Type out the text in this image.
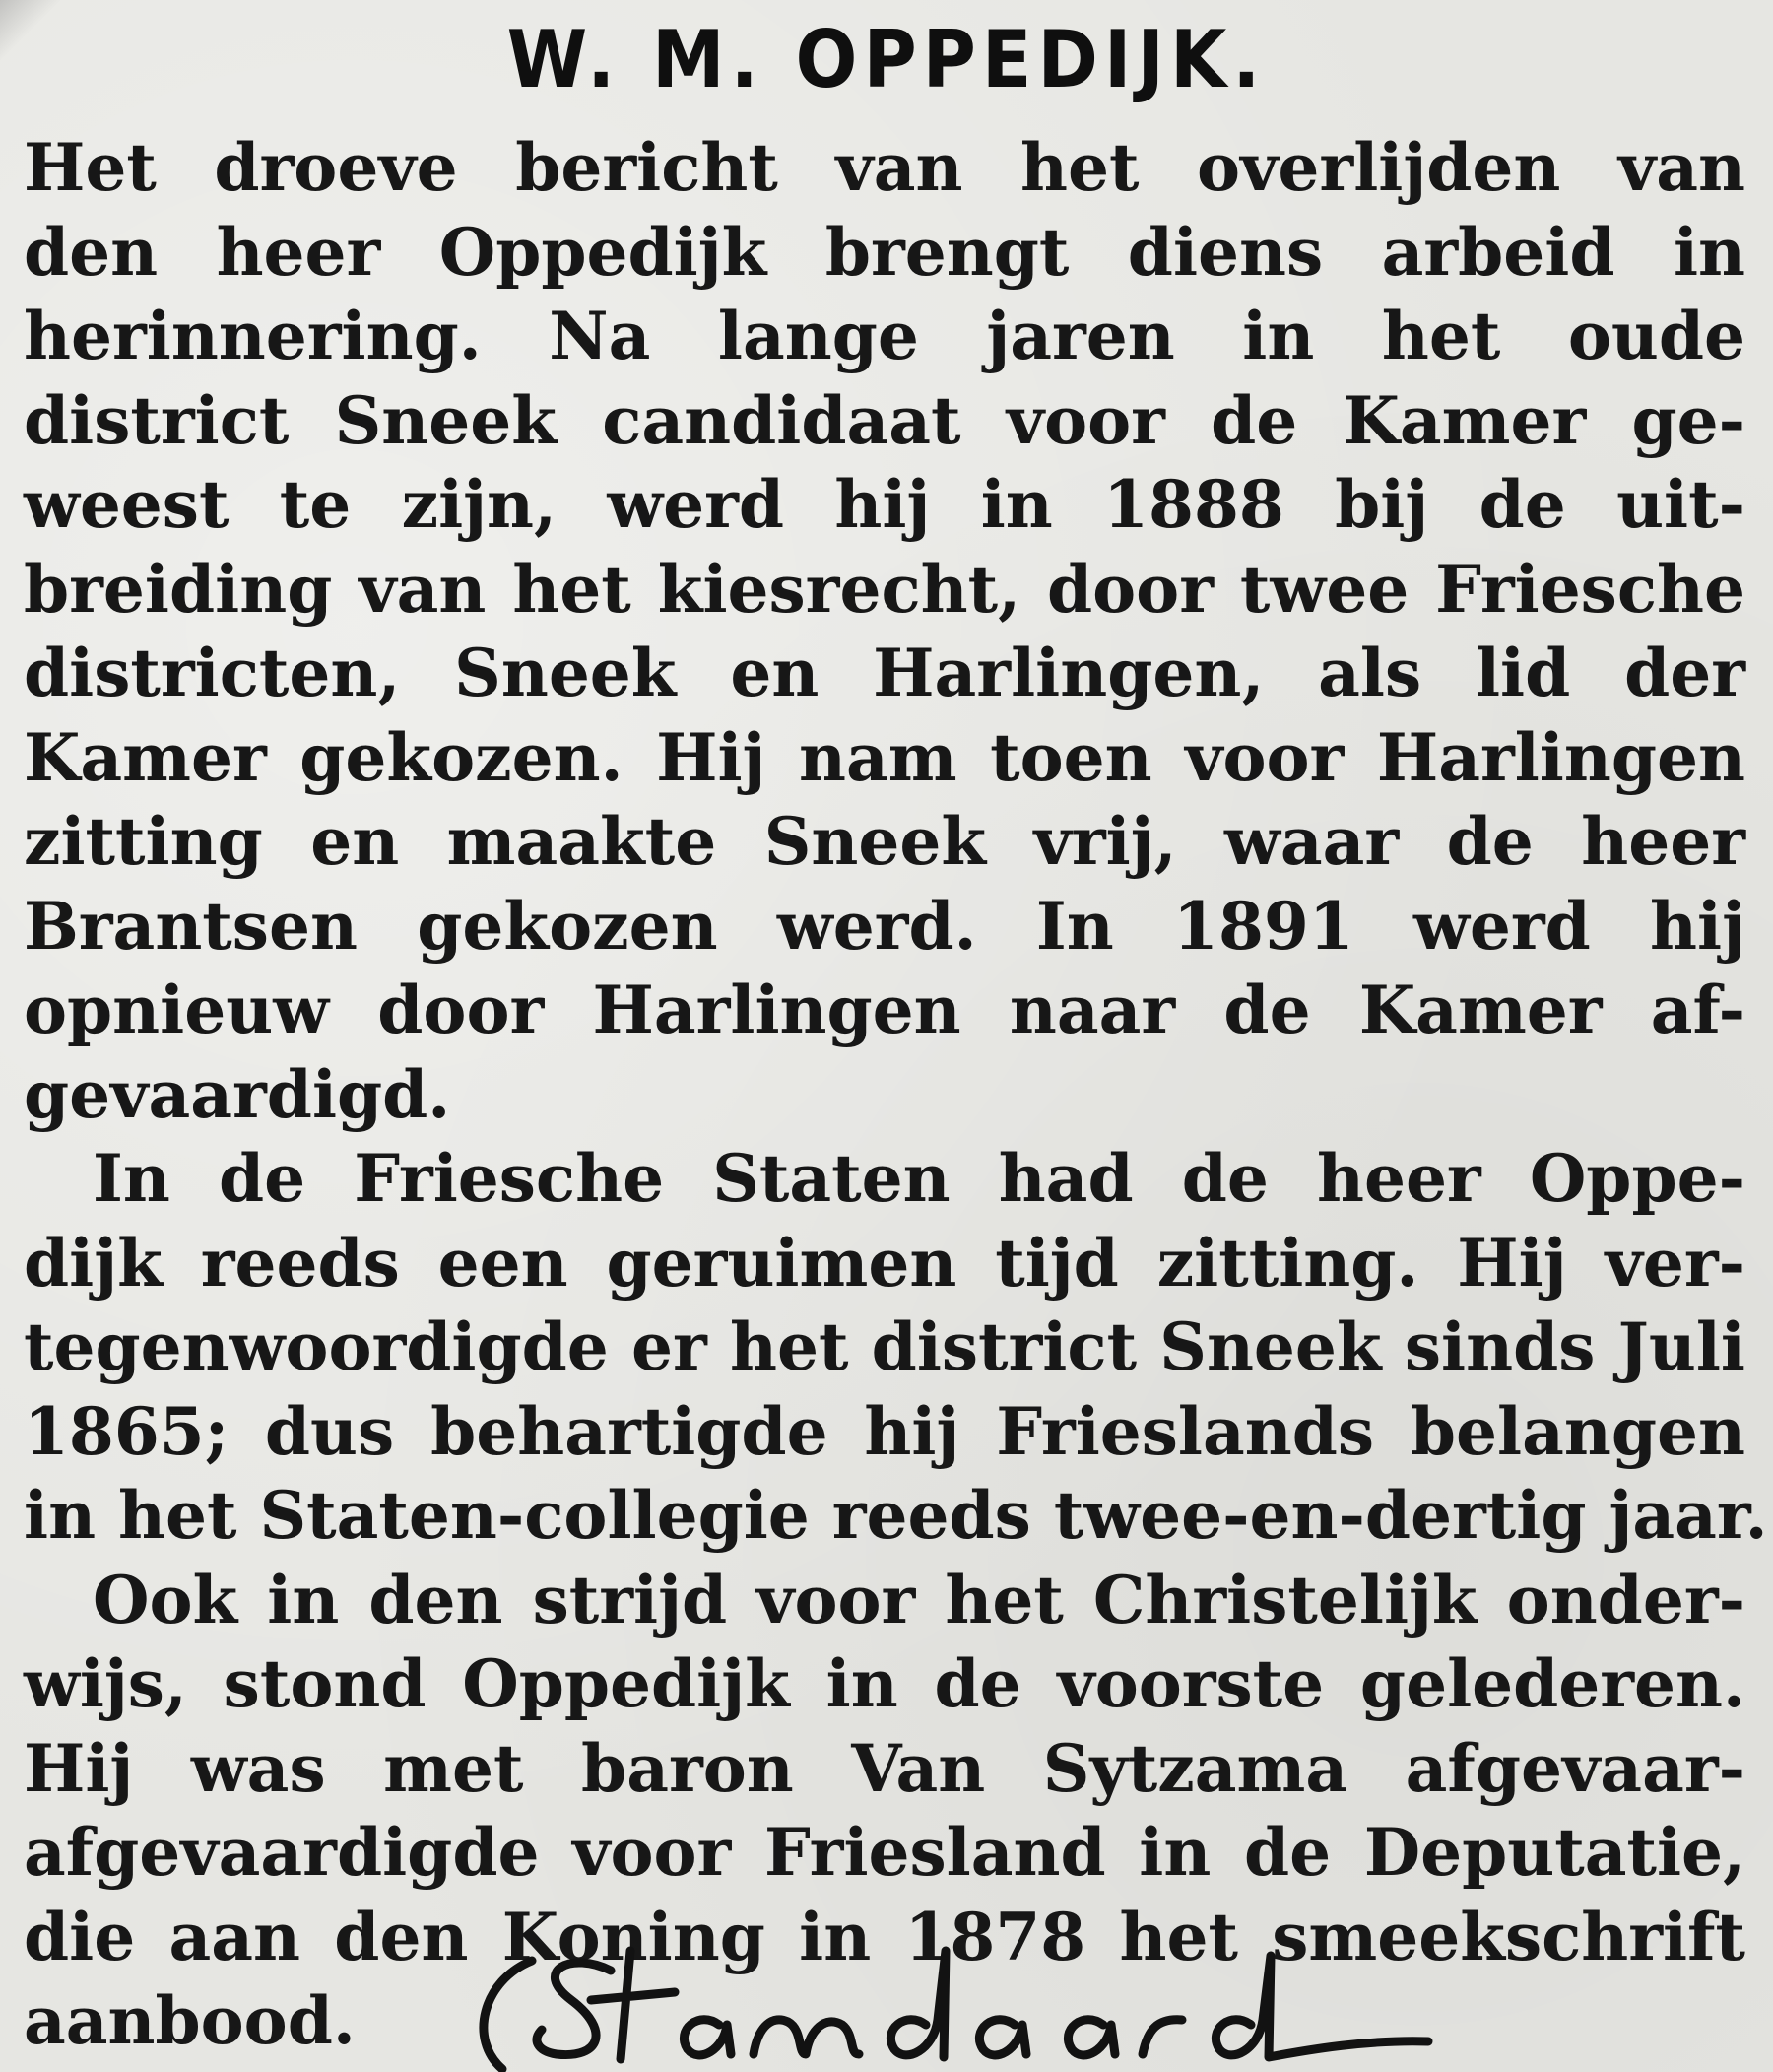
W. M. OPPEDIJK.
Het droeve bericht van het overlijden van
den heer Oppedijk brengt diens arbeid in
herinnering. Na lange jaren in het oude
district Sneek candidaat voor de Kamer ge-
weest te zijn, werd hij in 1888 bij de uit-
breiding van het kiesrecht, door twee Friesche
districten, Sneek en Harlingen, als lid der
Kamer gekozen. Hij nam toen voor Harlingen
zitting en maakte Sneek vrij, waar de heer
Brantsen gekozen werd. In 1891 werd hij
opnieuw door Harlingen naar de Kamer af-
gevaardigd.
In de Friesche Staten had de heer Oppe-
dijk reeds een geruimen tijd zitting. Hij ver-
tegenwoordigde er het district Sneek sinds Juli
1865; dus behartigde hij Frieslands belangen
in het Staten-collegie reeds twee-en-dertig jaar.
Ook in den strijd voor het Christelijk onder-
wijs, stond Oppedijk in de voorste gelederen.
Hij was met baron Van Sytzama afgevaar-
afgevaardigde voor Friesland in de Deputatie,
die aan den Koning in 1878 het smeekschrift
aanbood.
